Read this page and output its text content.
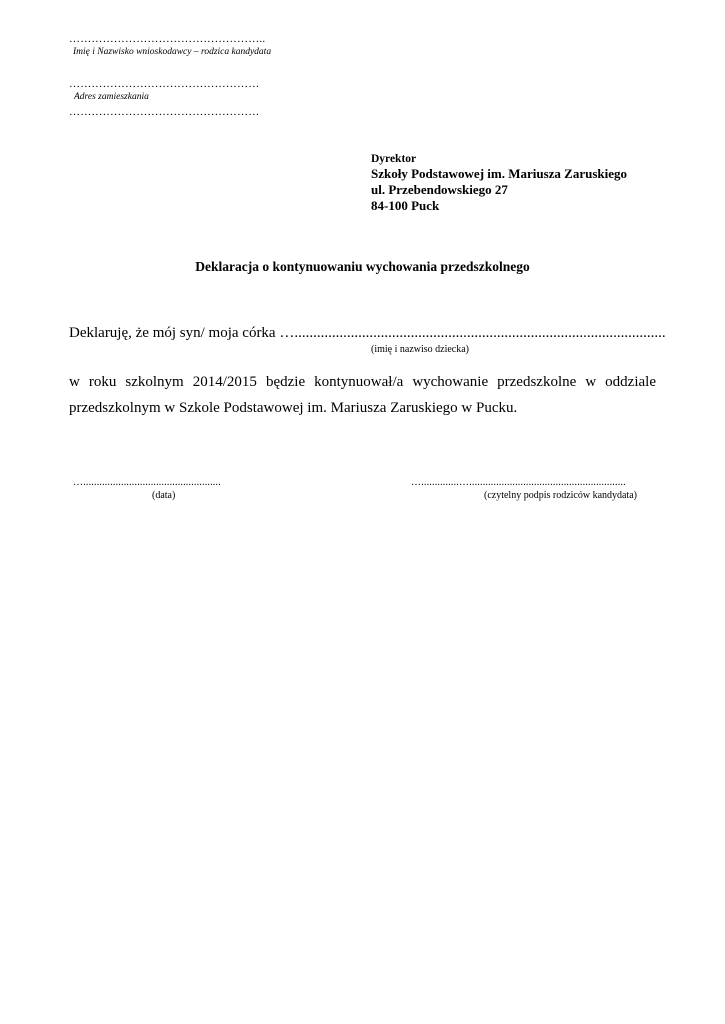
……………………………………………..
Imię i Nazwisko wnioskodawcy – rodzica kandydata
……………………………………………
Adres zamieszkania
……………………………………………
Dyrektor
Szkoły Podstawowej im. Mariusza Zaruskiego
ul. Przebendowskiego 27
84-100 Puck
Deklaracja o kontynuowaniu wychowania przedszkolnego
Deklaruję, że mój syn/ moja córka …...................................................................................................
(imię i nazwiso dziecka)
w roku szkolnym 2014/2015 będzie kontynuował/a wychowanie przedszkolne w oddziale przedszkolnym w Szkole Podstawowej im. Mariusza Zaruskiego w Pucku.
…...................................................
(data)
…..............…..........................................................
(czytelny podpis rodziców kandydata)
